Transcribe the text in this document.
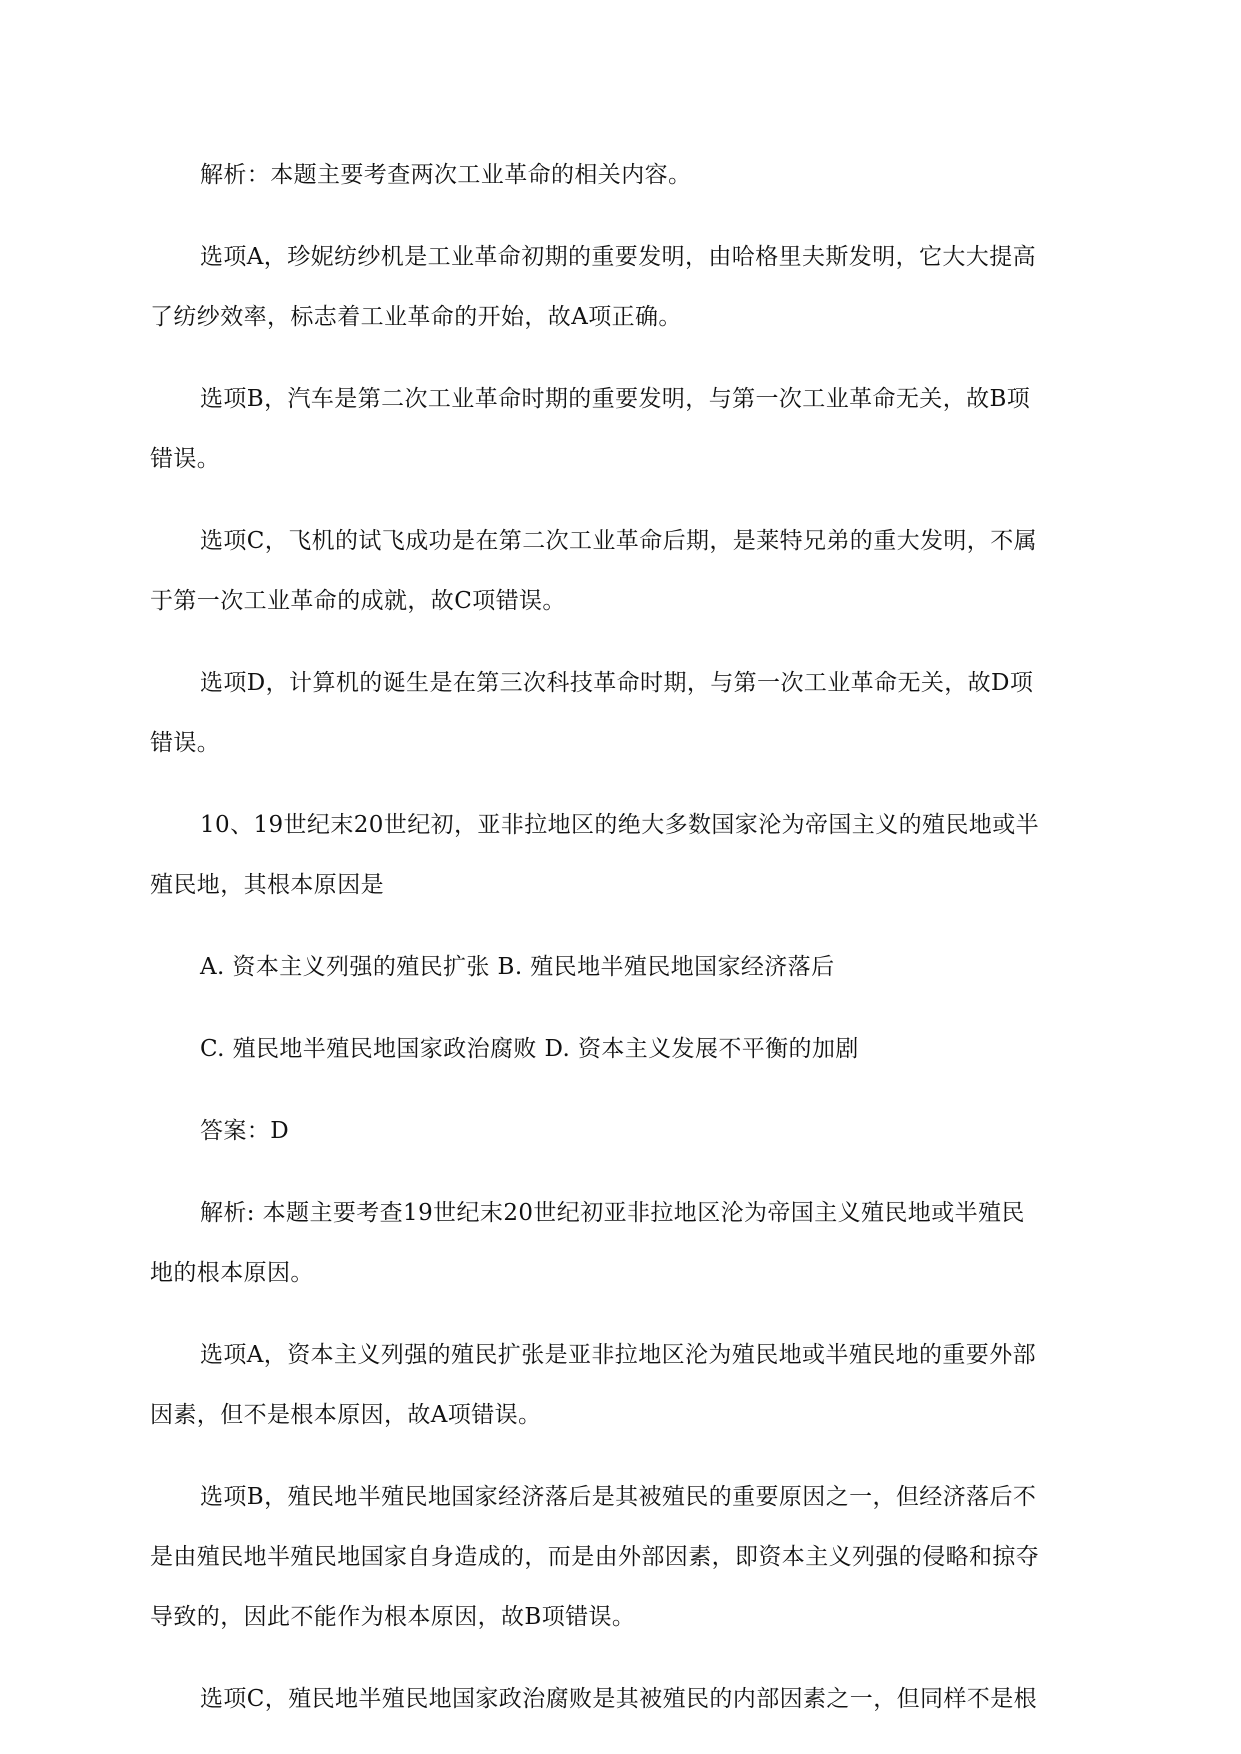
解析：本题主要考查两次工业革命的相关内容。

选项A，珍妮纺纱机是工业革命初期的重要发明，由哈格里夫斯发明，它大大提高
了纺纱效率，标志着工业革命的开始，故A项正确。

选项B，汽车是第二次工业革命时期的重要发明，与第一次工业革命无关，故B项
错误。

选项C，飞机的试飞成功是在第二次工业革命后期，是莱特兄弟的重大发明，不属
于第一次工业革命的成就，故C项错误。

选项D，计算机的诞生是在第三次科技革命时期，与第一次工业革命无关，故D项
错误。

10、19世纪末20世纪初，亚非拉地区的绝大多数国家沦为帝国主义的殖民地或半
殖民地，其根本原因是

A. 资本主义列强的殖民扩张 B. 殖民地半殖民地国家经济落后

C. 殖民地半殖民地国家政治腐败 D. 资本主义发展不平衡的加剧

答案：D

解析: 本题主要考查19世纪末20世纪初亚非拉地区沦为帝国主义殖民地或半殖民
地的根本原因。

选项A，资本主义列强的殖民扩张是亚非拉地区沦为殖民地或半殖民地的重要外部
因素，但不是根本原因，故A项错误。

选项B，殖民地半殖民地国家经济落后是其被殖民的重要原因之一，但经济落后不
是由殖民地半殖民地国家自身造成的，而是由外部因素，即资本主义列强的侵略和掠夺
导致的，因此不能作为根本原因，故B项错误。

选项C，殖民地半殖民地国家政治腐败是其被殖民的内部因素之一，但同样不是根
